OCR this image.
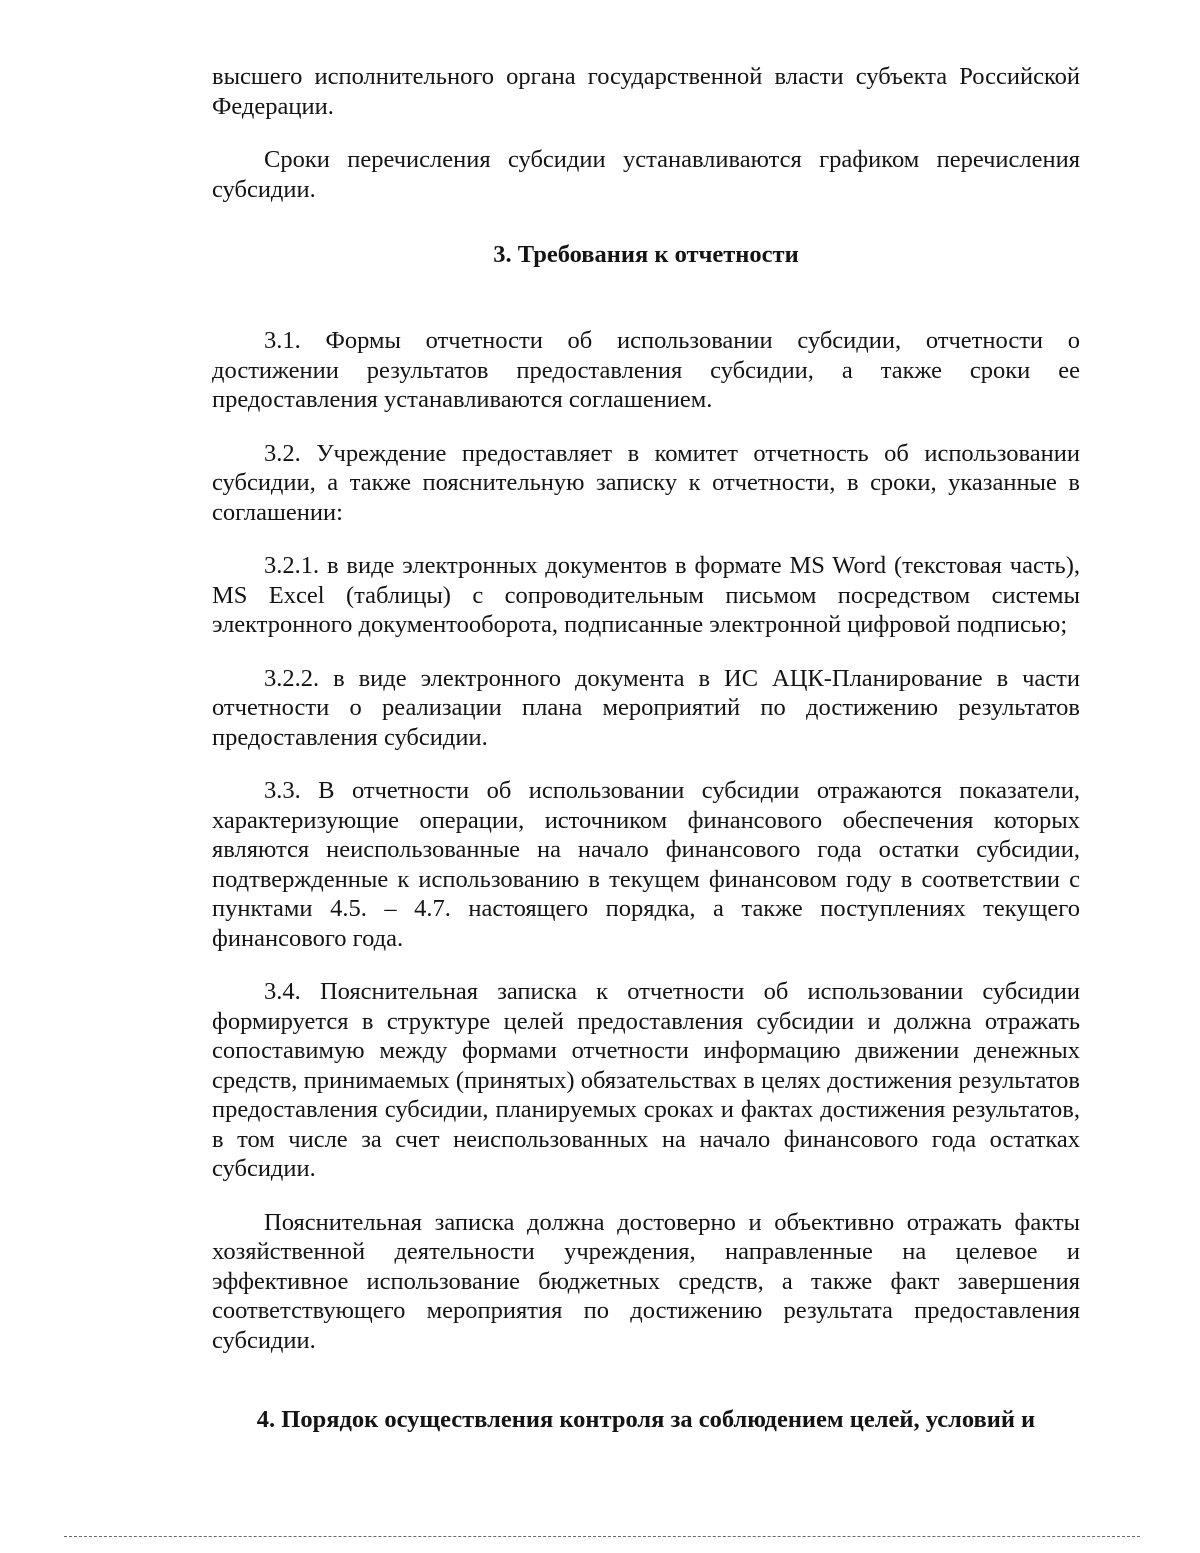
высшего исполнительного органа государственной власти субъекта Российской Федерации.

Сроки перечисления субсидии устанавливаются графиком перечисления субсидии.

3. Требования к отчетности

3.1. Формы отчетности об использовании субсидии, отчетности о достижении результатов предоставления субсидии, а также сроки ее предоставления устанавливаются соглашением.

3.2. Учреждение предоставляет в комитет отчетность об использовании субсидии, а также пояснительную записку к отчетности, в сроки, указанные в соглашении:

3.2.1. в виде электронных документов в формате MS Word (текстовая часть), MS Excel (таблицы) с сопроводительным письмом посредством системы электронного документооборота, подписанные электронной цифровой подписью;

3.2.2. в виде электронного документа в ИС АЦК-Планирование в части отчетности о реализации плана мероприятий по достижению результатов предоставления субсидии.

3.3. В отчетности об использовании субсидии отражаются показатели, характеризующие операции, источником финансового обеспечения которых являются неиспользованные на начало финансового года остатки субсидии, подтвержденные к использованию в текущем финансовом году в соответствии с пунктами 4.5. – 4.7. настоящего порядка, а также поступлениях текущего финансового года.

3.4. Пояснительная записка к отчетности об использовании субсидии формируется в структуре целей предоставления субсидии и должна отражать сопоставимую между формами отчетности информацию движении денежных средств, принимаемых (принятых) обязательствах в целях достижения результатов предоставления субсидии, планируемых сроках и фактах достижения результатов, в том числе за счет неиспользованных на начало финансового года остатках субсидии.

Пояснительная записка должна достоверно и объективно отражать факты хозяйственной деятельности учреждения, направленные на целевое и эффективное использование бюджетных средств, а также факт завершения соответствующего мероприятия по достижению результата предоставления субсидии.

4. Порядок осуществления контроля за соблюдением целей, условий и
